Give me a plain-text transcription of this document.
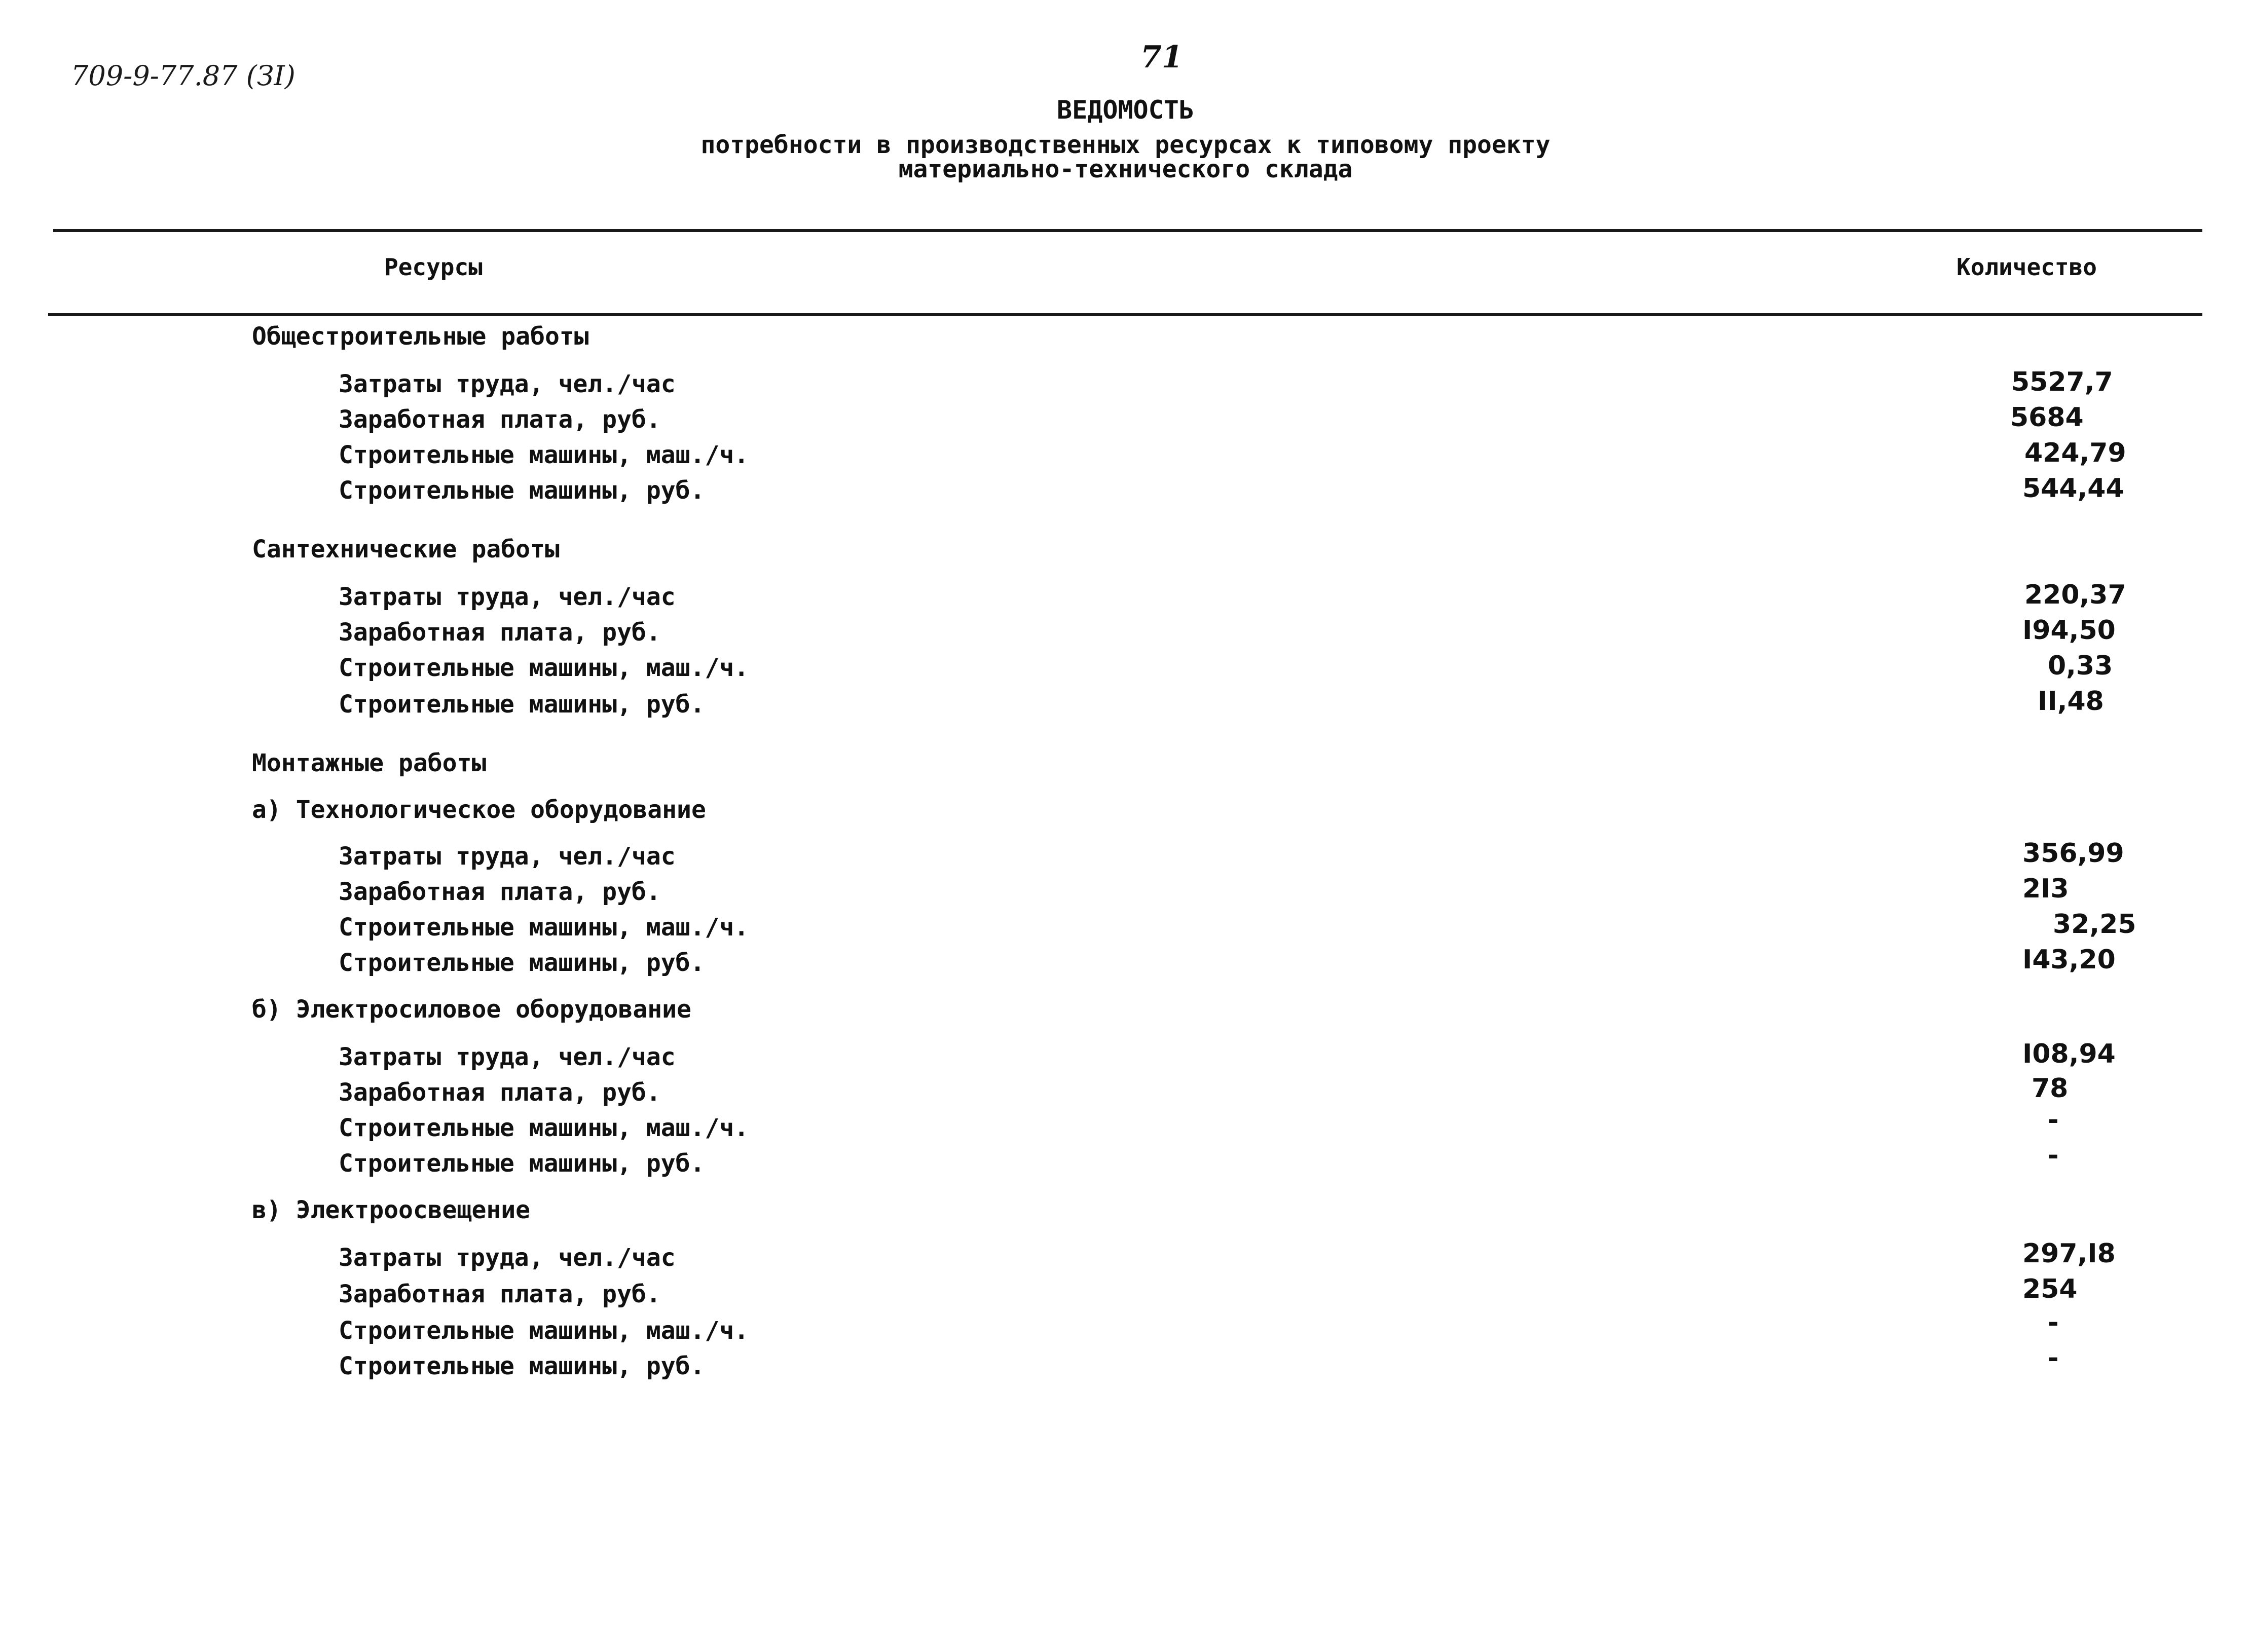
709-9-77.87 (ЗI)
71
ВЕДОМОСТЬ
потребности в производственных ресурсах к типовому проекту
материально-технического склада
Ресурсы	Количество
Общестроительные работы
Затраты труда, чел./час	5527,7
Заработная плата, руб.	5684
Строительные машины, маш./ч.	424,79
Строительные машины, руб.	544,44
Сантехнические работы
Затраты труда, чел./час	220,37
Заработная плата, руб.	I94,50
Строительные машины, маш./ч.	0,33
Строительные машины, руб.	II,48
Монтажные работы
а) Технологическое оборудование
Затраты труда, чел./час	356,99
Заработная плата, руб.	2I3
Строительные машины, маш./ч.	32,25
Строительные машины, руб.	I43,20
б) Электросиловое оборудование
Затраты труда, чел./час	I08,94
Заработная плата, руб.	78
Строительные машины, маш./ч.	-
Строительные машины, руб.	-
в) Электроосвещение
Затраты труда, чел./час	297,I8
Заработная плата, руб.	254
Строительные машины, маш./ч.	-
Строительные машины, руб.	-
